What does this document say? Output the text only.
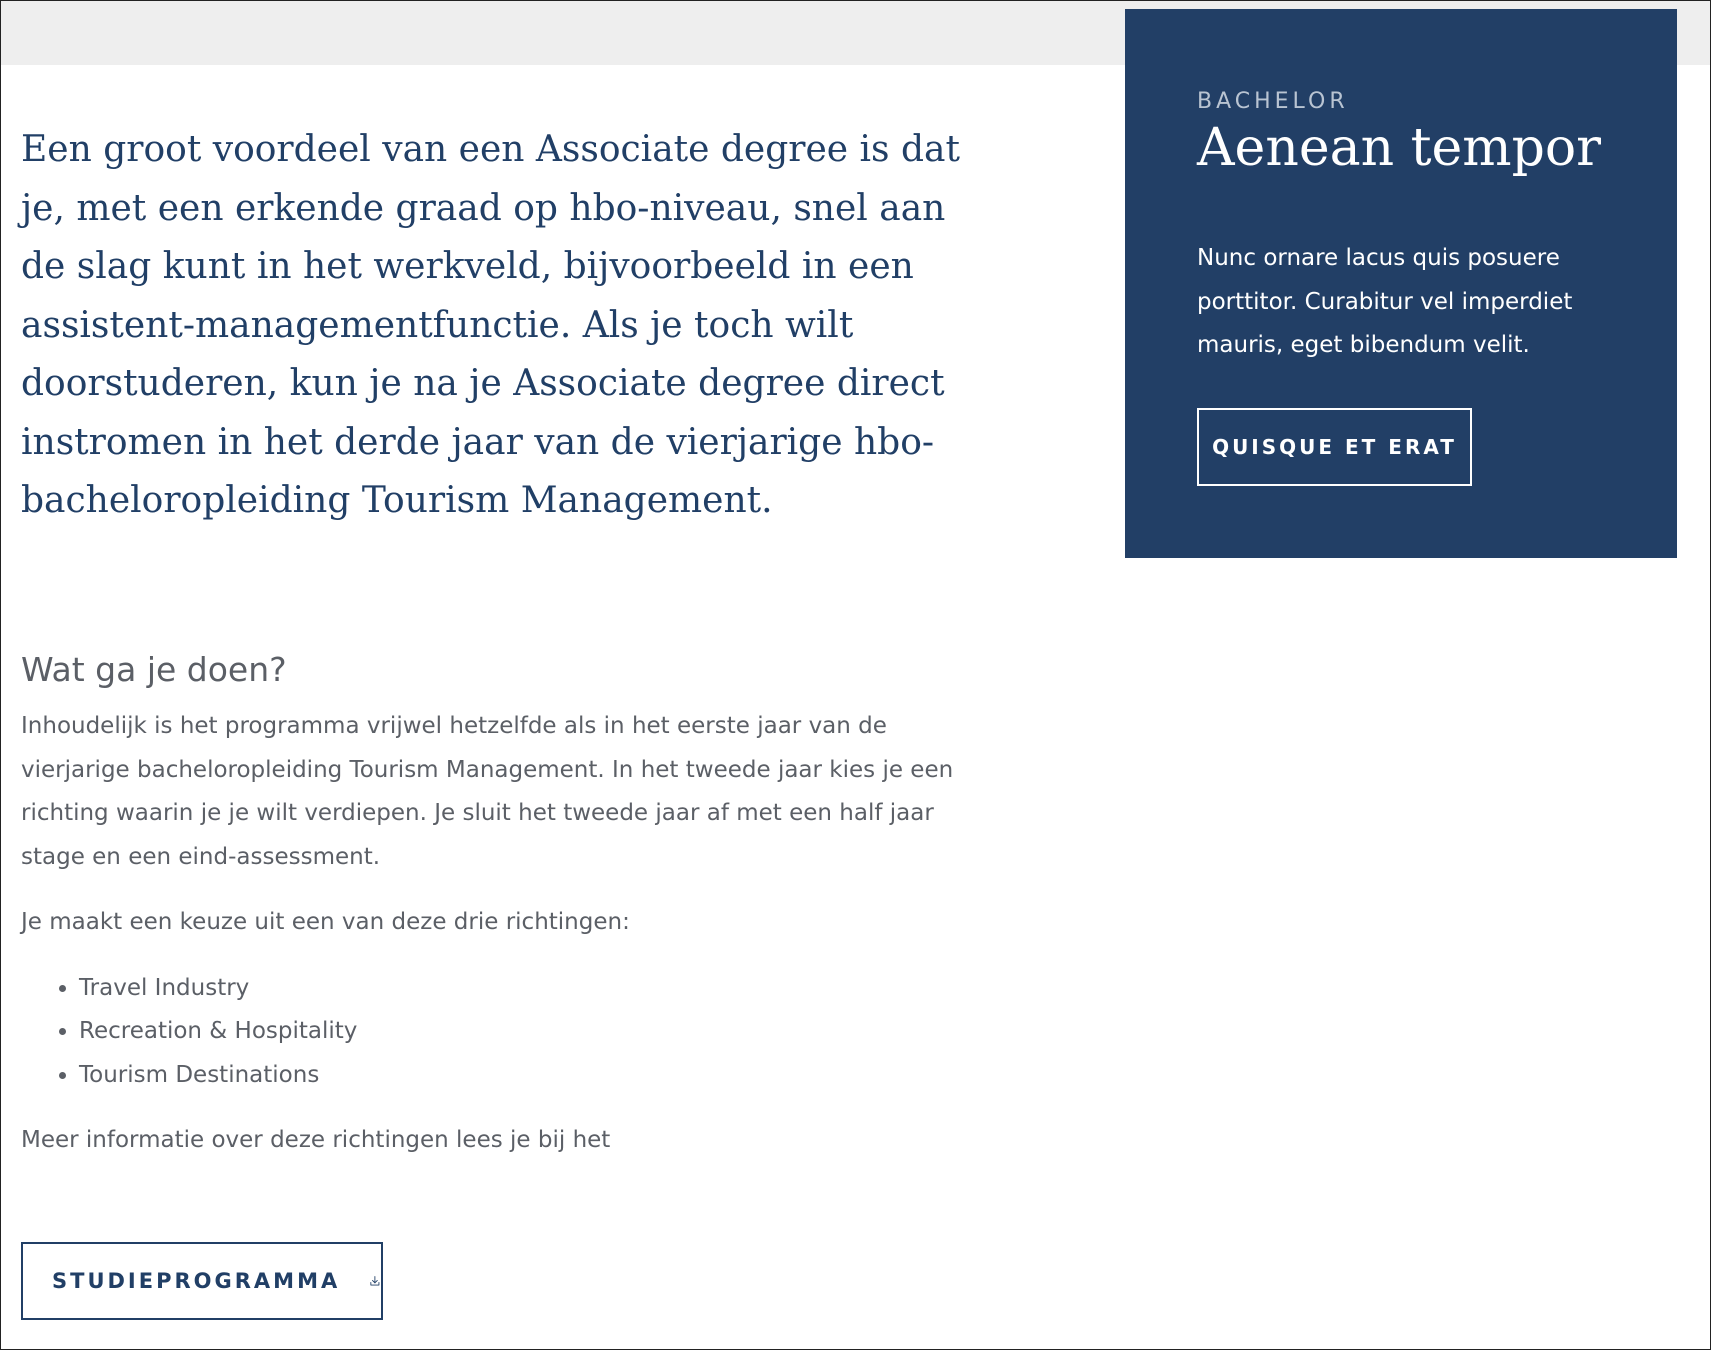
Een groot voordeel van een Associate degree is dat je, met een erkende graad op hbo-niveau, snel aan de slag kunt in het werkveld, bijvoorbeeld in een assistent-managementfunctie. Als je toch wilt doorstuderen, kun je na je Associate degree direct instromen in het derde jaar van de vierjarige hbo-bacheloropleiding Tourism Management.

Wat ga je doen?

Inhoudelijk is het programma vrijwel hetzelfde als in het eerste jaar van de vierjarige bacheloropleiding Tourism Management. In het tweede jaar kies je een richting waarin je je wilt verdiepen. Je sluit het tweede jaar af met een half jaar stage en een eind-assessment.

Je maakt een keuze uit een van deze drie richtingen:

• Travel Industry
• Recreation & Hospitality
• Tourism Destinations

Meer informatie over deze richtingen lees je bij het

STUDIEPROGRAMMA

BACHELOR

Aenean tempor

Nunc ornare lacus quis posuere porttitor. Curabitur vel imperdiet mauris, eget bibendum velit.

QUISQUE ET ERAT
